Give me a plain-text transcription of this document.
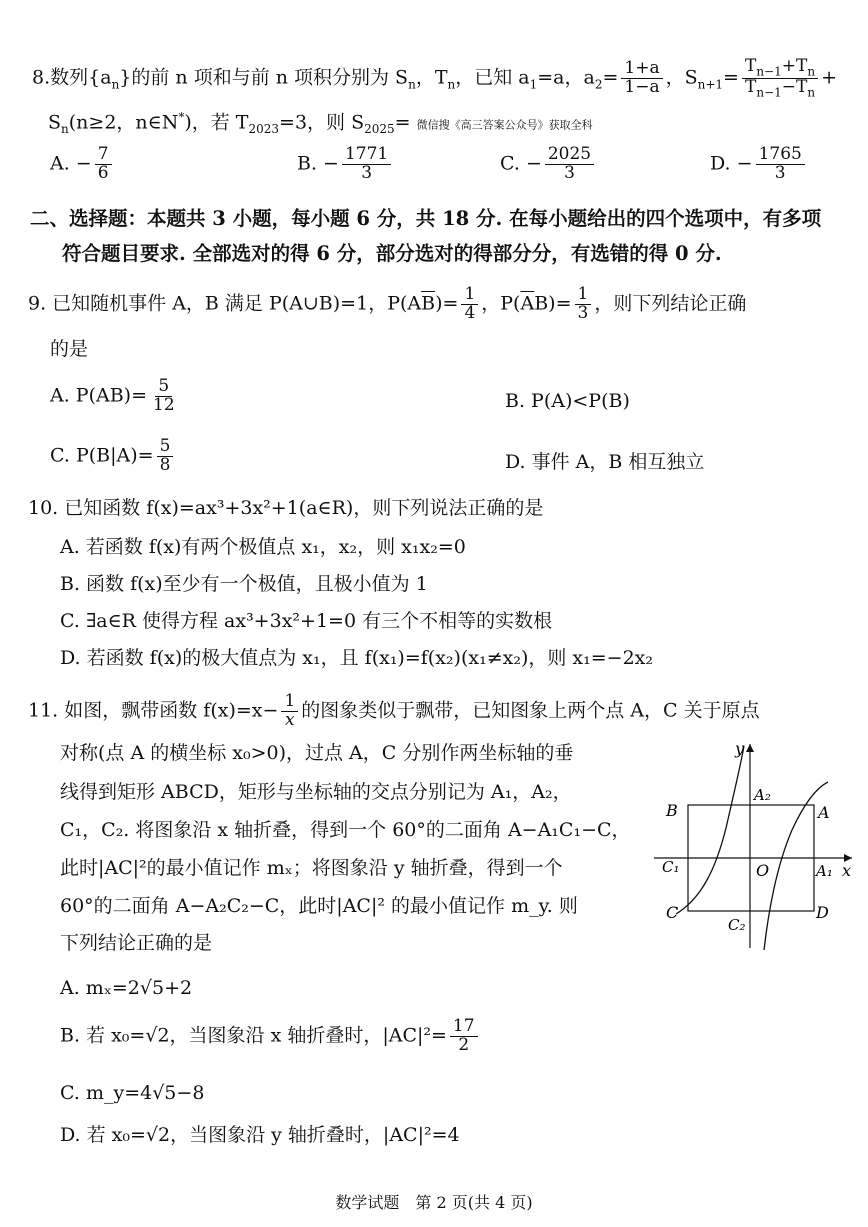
8.数列$\{a_n\}$的前 n 项和与前 n 项积分别为 $S_n$，$T_n$，已知 $a_1=a$，$a_2= \frac{1+a}{1-a}$ ，$S_{n+1}= \frac{T_{n-1}+T_n}{T_{n-1}-T_n}$ +
$S_n(n\ge 2$，n∈N*)，若 $T_{2023}=3$，则 $S_{2025}=$ 微信搜《高三答案公众号》获取全科
A. − $\frac{7}{6}$	B. − $\frac{1771}{3}$	C. − $\frac{2025}{3}$	D. − $\frac{1765}{3}$
二、选择题：本题共 3 小题，每小题 6 分，共 18 分. 在每小题给出的四个选项中，有多项
符合题目要求. 全部选对的得 6 分，部分选对的得部分分，有选错的得 0 分.
9. 已知随机事件 A，B 满足 P(A∪B)=1，$P(A\overline{B})= \frac{1}{4}$ ，$P(\overline{A}B)= \frac{1}{3}$ ，则下列结论正确
的是
A. $P(AB)= \frac{5}{12}$	B. P(A)<P(B)
C. $P(B|A)= \frac{5}{8}$	D. 事件 A，B 相互独立
10. 已知函数 f(x)=ax³+3x²+1(a∈R)，则下列说法正确的是
A. 若函数 f(x)有两个极值点 x₁，x₂，则 x₁x₂=0
B. 函数 f(x)至少有一个极值，且极小值为 1
C. ∃a∈R 使得方程 ax³+3x²+1=0 有三个不相等的实数根
D. 若函数 f(x)的极大值点为 x₁，且 f(x₁)=f(x₂)(x₁≠x₂)，则 x₁=−2x₂
11. 如图，飘带函数 $f(x)=x- \frac{1}{x}$ 的图象类似于飘带，已知图象上两个点 A，C 关于原点
对称(点 A 的横坐标 x₀>0)，过点 A，C 分别作两坐标轴的垂
线得到矩形 ABCD，矩形与坐标轴的交点分别记为 A₁，A₂，
C₁，C₂. 将图象沿 x 轴折叠，得到一个 60°的二面角 A−A₁C₁−C，
此时|AC|²的最小值记作 mₓ；将图象沿 y 轴折叠，得到一个
60°的二面角 A−A₂C₂−C，此时|AC|² 的最小值记作 m_y. 则
下列结论正确的是
A. mₓ=2√5+2
B. 若 x₀=√2，当图象沿 x 轴折叠时，$|AC|^2= \frac{17}{2}$
C. m_y=4√5−8
D. 若 x₀=√2，当图象沿 y 轴折叠时，|AC|²=4
y
x
O
A
B
C	D
A₁
A₂
C₁
C₂
数学试题　第 2 页(共 4 页)
